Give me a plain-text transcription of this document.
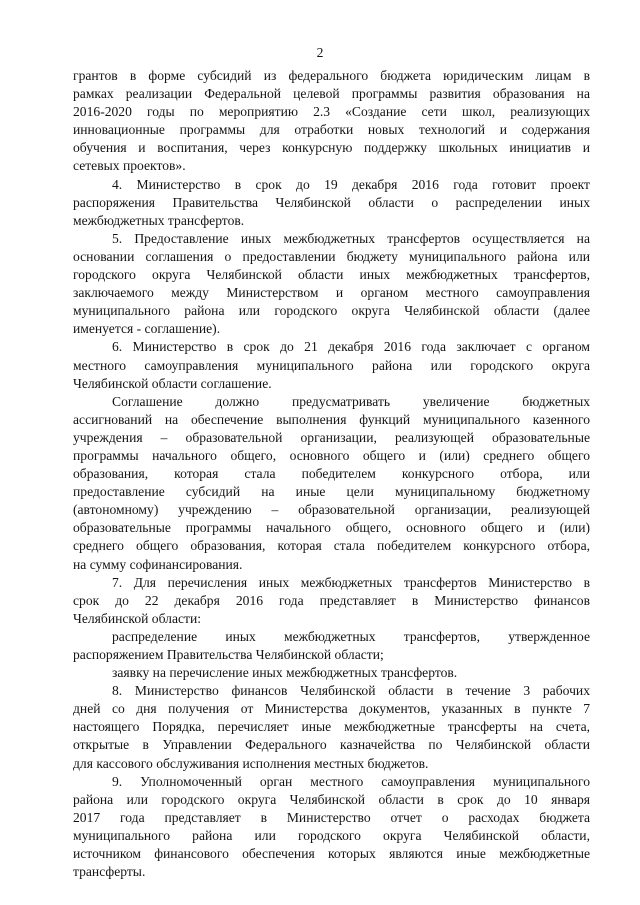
2
грантов в форме субсидий из федерального бюджета юридическим лицам в
рамках реализации Федеральной целевой программы развития образования на
2016-2020 годы по мероприятию 2.3 «Создание сети школ, реализующих
инновационные программы для отработки новых технологий и содержания
обучения и воспитания, через конкурсную поддержку школьных инициатив и
сетевых проектов».
4. Министерство в срок до 19 декабря 2016 года готовит проект
распоряжения Правительства Челябинской области о распределении иных
межбюджетных трансфертов.
5. Предоставление иных межбюджетных трансфертов осуществляется на
основании соглашения о предоставлении бюджету муниципального района или
городского округа Челябинской области иных межбюджетных трансфертов,
заключаемого между Министерством и органом местного самоуправления
муниципального района или городского округа Челябинской области (далее
именуется - соглашение).
6. Министерство в срок до 21 декабря 2016 года заключает с органом
местного самоуправления муниципального района или городского округа
Челябинской области соглашение.
Соглашение должно предусматривать увеличение бюджетных
ассигнований на обеспечение выполнения функций муниципального казенного
учреждения – образовательной организации, реализующей образовательные
программы начального общего, основного общего и (или) среднего общего
образования, которая стала победителем конкурсного отбора, или
предоставление субсидий на иные цели муниципальному бюджетному
(автономному) учреждению – образовательной организации, реализующей
образовательные программы начального общего, основного общего и (или)
среднего общего образования, которая стала победителем конкурсного отбора,
на сумму софинансирования.
7. Для перечисления иных межбюджетных трансфертов Министерство в
срок до 22 декабря 2016 года представляет в Министерство финансов
Челябинской области:
распределение иных межбюджетных трансфертов, утвержденное
распоряжением Правительства Челябинской области;
заявку на перечисление иных межбюджетных трансфертов.
8. Министерство финансов Челябинской области в течение 3 рабочих
дней со дня получения от Министерства документов, указанных в пункте 7
настоящего Порядка, перечисляет иные межбюджетные трансферты на счета,
открытые в Управлении Федерального казначейства по Челябинской области
для кассового обслуживания исполнения местных бюджетов.
9. Уполномоченный орган местного самоуправления муниципального
района или городского округа Челябинской области в срок до 10 января
2017 года представляет в Министерство отчет о расходах бюджета
муниципального района или городского округа Челябинской области,
источником финансового обеспечения которых являются иные межбюджетные
трансферты.
